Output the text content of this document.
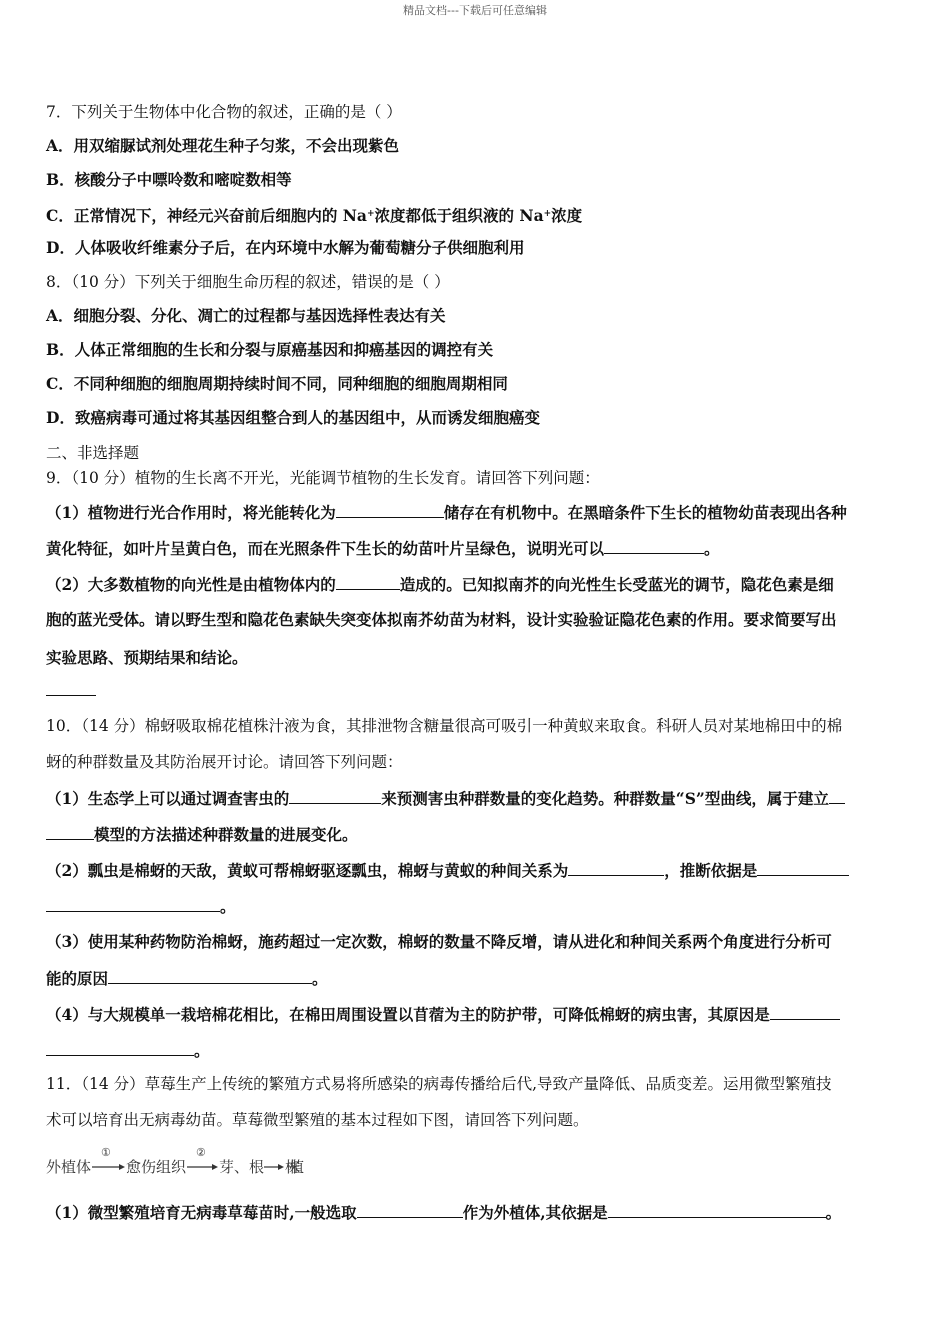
精品文档---下载后可任意编辑
7．下列关于生物体中化合物的叙述，正确的是（ ）
A．用双缩脲试剂处理花生种子匀浆，不会出现紫色
B．核酸分子中嘌呤数和嘧啶数相等
C．正常情况下，神经元兴奋前后细胞内的 Na+浓度都低于组织液的 Na+浓度
D．人体吸收纤维素分子后，在内环境中水解为葡萄糖分子供细胞利用
8．（10 分）下列关于细胞生命历程的叙述，错误的是（ ）
A．细胞分裂、分化、凋亡的过程都与基因选择性表达有关
B．人体正常细胞的生长和分裂与原癌基因和抑癌基因的调控有关
C．不同种细胞的细胞周期持续时间不同，同种细胞的细胞周期相同
D．致癌病毒可通过将其基因组整合到人的基因组中，从而诱发细胞癌变
二、非选择题
9．（10 分）植物的生长离不开光，光能调节植物的生长发育。请回答下列问题：
（1）植物进行光合作用时，将光能转化为	储存在有机物中。在黑暗条件下生长的植物幼苗表现出各种
黄化特征，如叶片呈黄白色，而在光照条件下生长的幼苗叶片呈绿色，说明光可以	。
（2）大多数植物的向光性是由植物体内的	造成的。已知拟南芥的向光性生长受蓝光的调节，隐花色素是细
胞的蓝光受体。请以野生型和隐花色素缺失突变体拟南芥幼苗为材料，设计实验验证隐花色素的作用。要求简要写出
实验思路、预期结果和结论。
10．（14 分）棉蚜吸取棉花植株汁液为食，其排泄物含糖量很高可吸引一种黄蚁来取食。科研人员对某地棉田中的棉
蚜的种群数量及其防治展开讨论。请回答下列问题：
（1）生态学上可以通过调查害虫的	来预测害虫种群数量的变化趋势。种群数量“S”型曲线，属于建立
模型的方法描述种群数量的进展变化。
（2）瓢虫是棉蚜的天敌，黄蚁可帮棉蚜驱逐瓢虫，棉蚜与黄蚁的种间关系为	，推断依据是
。
（3）使用某种药物防治棉蚜，施药超过一定次数，棉蚜的数量不降反增，请从进化和种间关系两个角度进行分析可
能的原因	。
（4）与大规模单一栽培棉花相比，在棉田周围设置以苜蓿为主的防护带，可降低棉蚜的病虫害，其原因是
。
11．（14 分）草莓生产上传统的繁殖方式易将所感染的病毒传播给后代,导致产量降低、品质变差。运用微型繁殖技
术可以培育出无病毒幼苗。草莓微型繁殖的基本过程如下图，请回答下列问题。
外植体
①
愈伤组织
②
芽、根 植株
（1）微型繁殖培育无病毒草莓苗时,一般选取	作为外植体,其依据是	。
